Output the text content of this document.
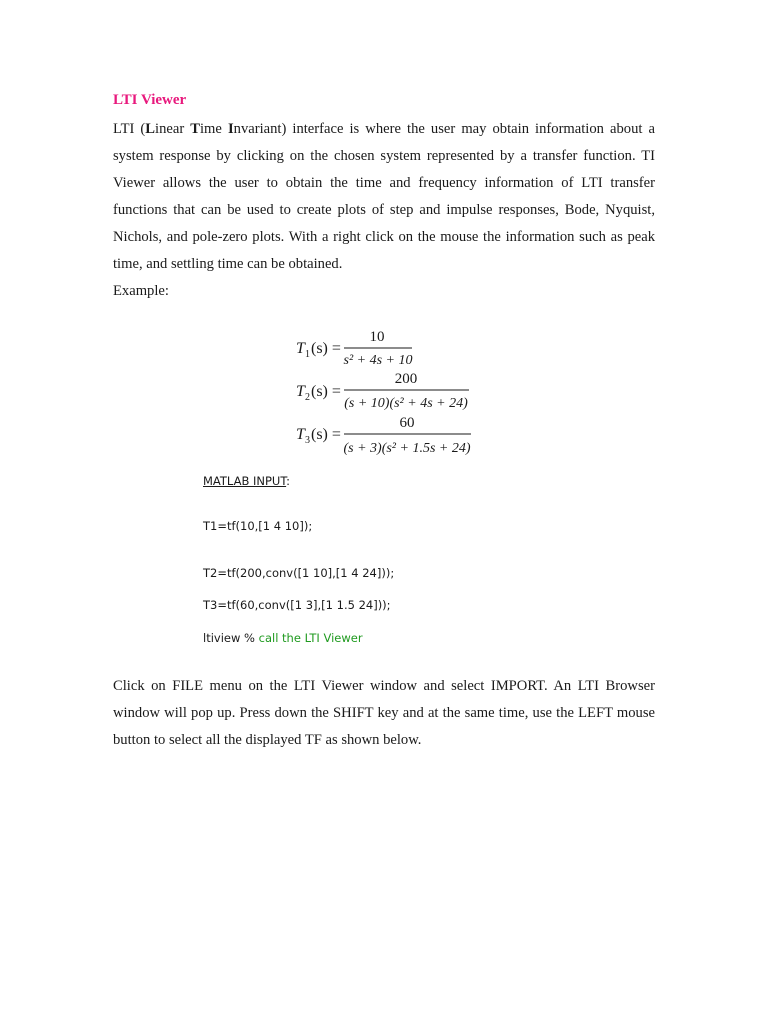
LTI Viewer

LTI (Linear Time Invariant) interface is where the user may obtain information about a system response by clicking on the chosen system represented by a transfer function. TI Viewer allows the user to obtain the time and frequency information of LTI transfer functions that can be used to create plots of step and impulse responses, Bode, Nyquist, Nichols, and pole-zero plots. With a right click on the mouse the information such as peak time, and settling time can be obtained.

Example:

T 1 (s) =
10
s² + 4s + 10
T 2 (s) =
200
(s + 10)(s² + 4s + 24)
T 3 (s) =
60
(s + 3)(s² + 1.5s + 24)

MATLAB INPUT:

T1=tf(10,[1 4 10]);

T2=tf(200,conv([1 10],[1 4 24]));

T3=tf(60,conv([1 3],[1 1.5 24]));

ltiview % call the LTI Viewer

Click on FILE menu on the LTI Viewer window and select IMPORT. An LTI Browser window will pop up. Press down the SHIFT key and at the same time, use the LEFT mouse button to select all the displayed TF as shown below.
